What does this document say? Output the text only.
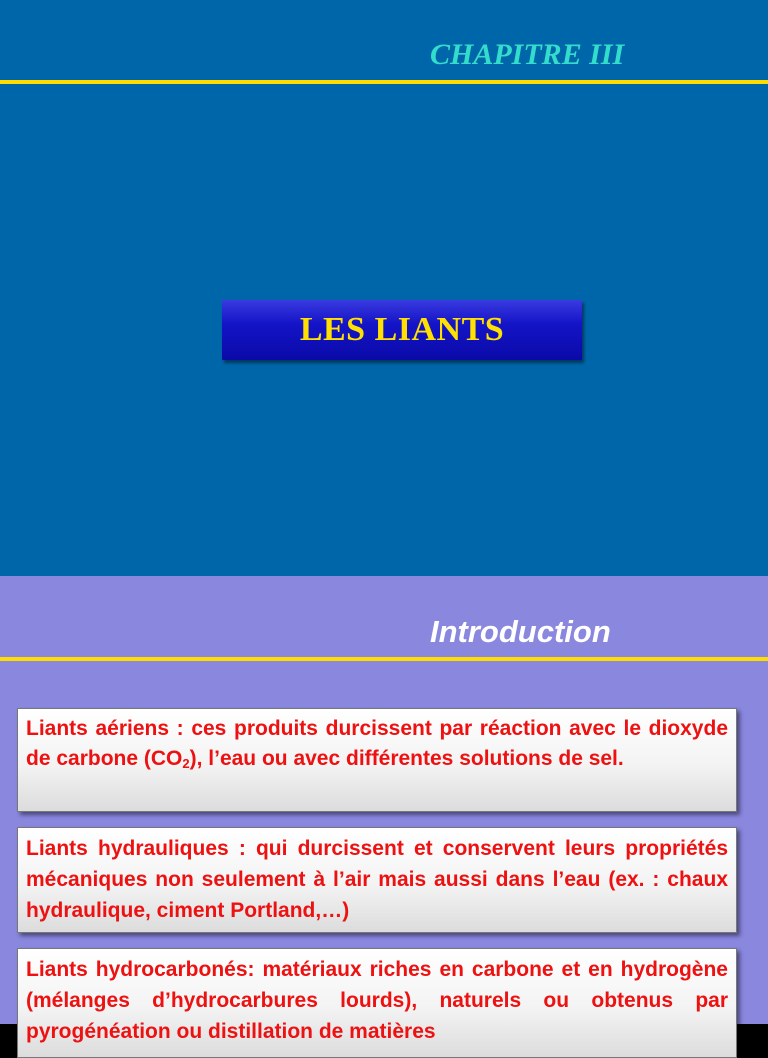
CHAPITRE III
LES LIANTS
Introduction

Liants aériens : ces produits durcissent par réaction avec le dioxyde de carbone $(CO_2)$, l’eau ou avec différentes solutions de sel.

Liants hydrauliques : qui durcissent et conservent leurs propriétés mécaniques non seulement à l’air mais aussi dans l’eau (ex. : chaux hydraulique, ciment Portland,…)

Liants hydrocarbonés: matériaux riches en carbone et en hydrogène (mélanges d’hydrocarbures lourds), naturels ou obtenus par pyrogénéation ou distillation de matières
